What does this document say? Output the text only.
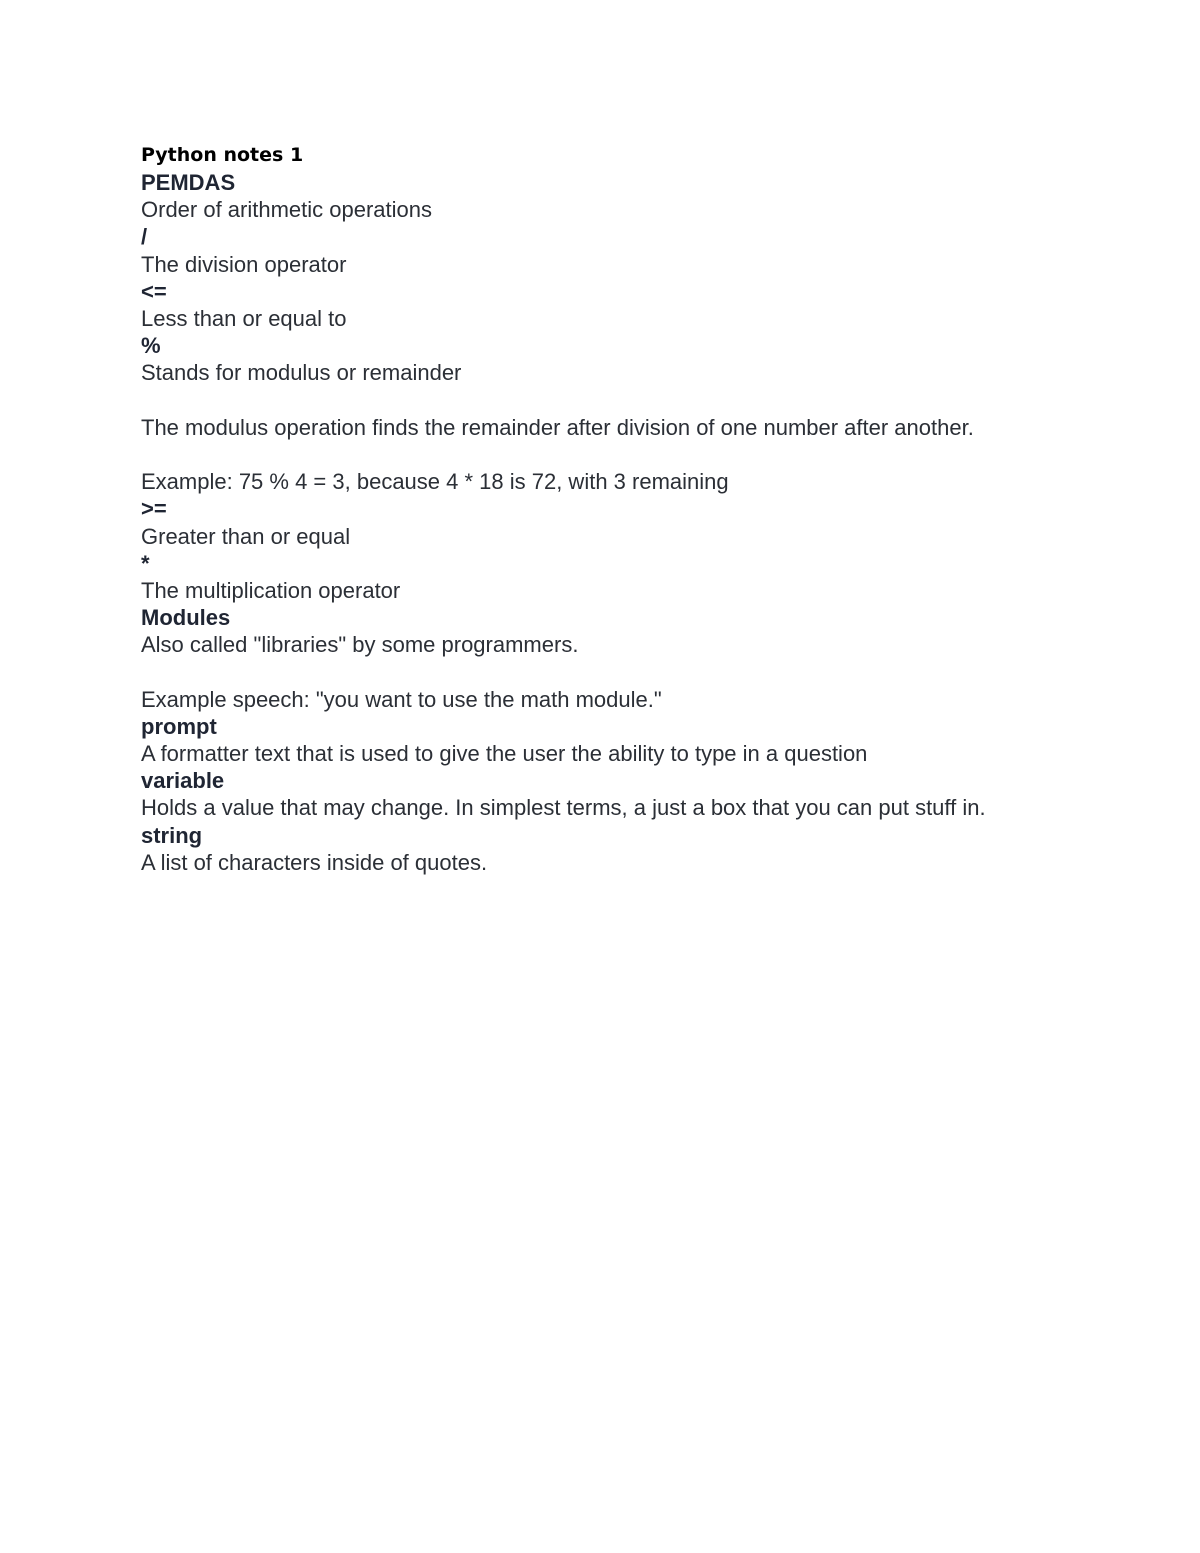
Python notes 1
PEMDAS
Order of arithmetic operations
/
The division operator
<=
Less than or equal to
%
Stands for modulus or remainder
The modulus operation finds the remainder after division of one number after another.
Example: 75 % 4 = 3, because 4 * 18 is 72, with 3 remaining
>=
Greater than or equal
*
The multiplication operator
Modules
Also called "libraries" by some programmers.
Example speech: "you want to use the math module."
prompt
A formatter text that is used to give the user the ability to type in a question
variable
Holds a value that may change. In simplest terms, a just a box that you can put stuff in.
string
A list of characters inside of quotes.
